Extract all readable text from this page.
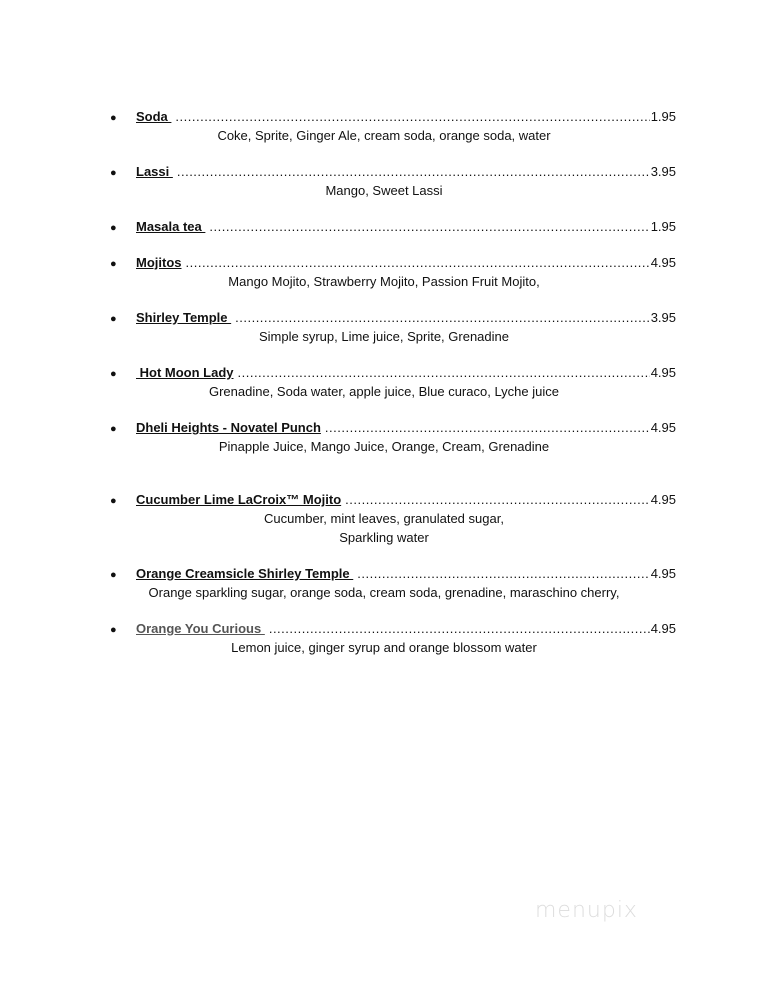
●	Soda .....	1.95
Coke, Sprite, Ginger Ale, cream soda, orange soda, water
●	Lassi .....	3.95
Mango, Sweet Lassi
●	Masala tea .....	1.95
●	Mojitos .....	4.95
Mango Mojito, Strawberry Mojito, Passion Fruit Mojito,
●	Shirley Temple .....	3.95
Simple syrup, Lime juice, Sprite, Grenadine
●	Hot Moon Lady .....	4.95
Grenadine, Soda water, apple juice, Blue curaco, Lyche juice
●	Dheli Heights - Novatel Punch .....	4.95
Pinapple Juice, Mango Juice, Orange, Cream, Grenadine
●	Cucumber Lime LaCroix™ Mojito .....	4.95
Cucumber, mint leaves, granulated sugar,
Sparkling water
●	Orange Creamsicle Shirley Temple .....	4.95
Orange sparkling sugar, orange soda, cream soda, grenadine, maraschino cherry,
●	Orange You Curious .....	4.95
Lemon juice, ginger syrup and orange blossom water
menupix
